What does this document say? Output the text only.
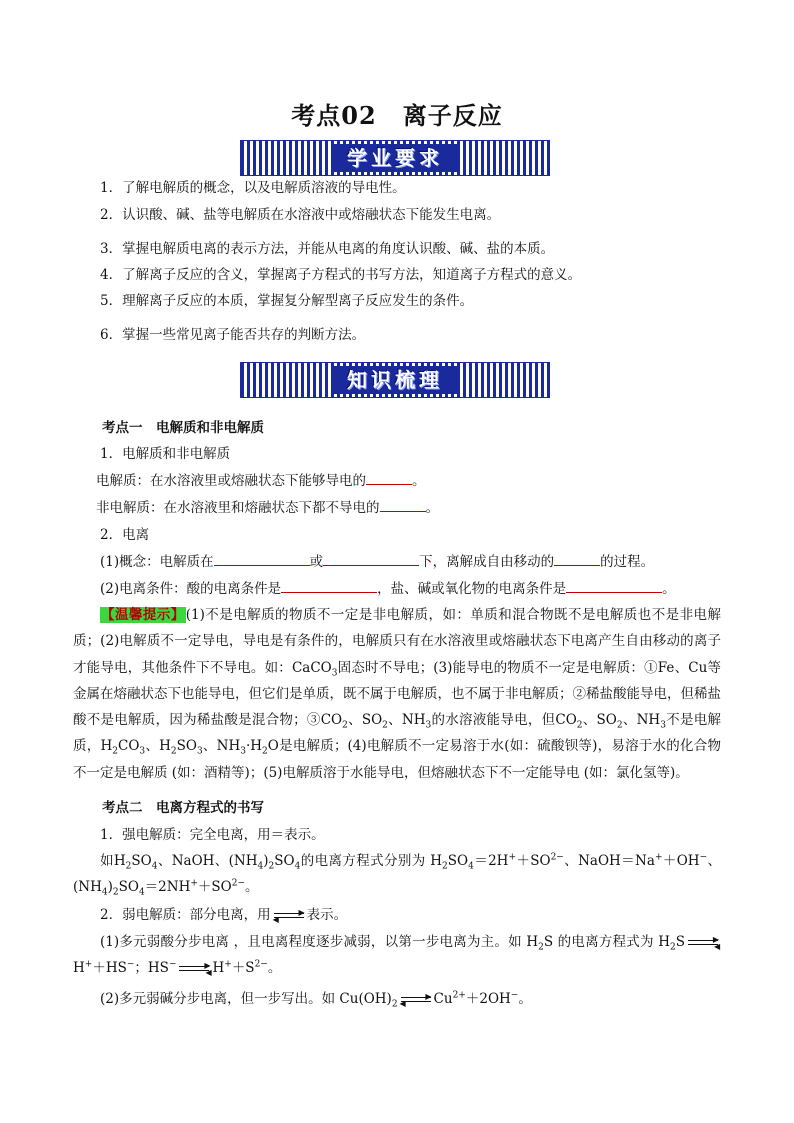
考点02 离子反应
学业要求
1．了解电解质的概念，以及电解质溶液的导电性。
2．认识酸、碱、盐等电解质在水溶液中或熔融状态下能发生电离。
3．掌握电解质电离的表示方法，并能从电离的角度认识酸、碱、盐的本质。
4．了解离子反应的含义，掌握离子方程式的书写方法，知道离子方程式的意义。
5．理解离子反应的本质，掌握复分解型离子反应发生的条件。
6．掌握一些常见离子能否共存的判断方法。
知识梳理
考点一　电解质和非电解质
1．电解质和非电解质
电解质：在水溶液里或熔融状态下能够导电的	。
非电解质：在水溶液里和熔融状态下都不导电的	。
2．电离
(1)概念：电解质在	或	下，离解成自由移动的	的过程。
(2)电离条件：酸的电离条件是	，盐、碱或氧化物的电离条件是	。
【温馨提示】(1)不是电解质的物质不一定是非电解质，如：单质和混合物既不是电解质也不是非电解质；(2)电解质不一定导电，导电是有条件的，电解质只有在水溶液里或熔融状态下电离产生自由移动的离子才能导电，其他条件下不导电。如：CaCO$_3$固态时不导电；(3)能导电的物质不一定是电解质：①Fe、Cu等金属在熔融状态下也能导电，但它们是单质，既不属于电解质，也不属于非电解质；②稀盐酸能导电，但稀盐酸不是电解质，因为稀盐酸是混合物；$③CO_2$、$SO_2$、$NH_3$的水溶液能导电，但$CO_2$、$SO_2$、$NH_3$不是电解质，$H_2CO_3$、$H_2SO_3$、$NH_3\cdot H_2O$是电解质；(4)电解质不一定易溶于水(如：硫酸钡等)，易溶于水的化合物不一定是电解质 (如：酒精等)；(5)电解质溶于水能导电，但熔融状态下不一定能导电 (如：氯化氢等)。
考点二　电离方程式的书写
1．强电解质：完全电离，用＝表示。
如$H_2SO_4$、NaOH、$(NH_4)_2SO_4$的电离方程式分别为 $H_2SO_4=2H^++SO^{2-}$、NaOH＝Na+＋OH−、$(NH_4)_2SO_4=2NH^++SO^{2-}$。
2．弱电解质：部分电离，用	▶
◀ 表示。
(1)多元弱酸分步电离 ，且电离程度逐步减弱，以第一步电离为主。如 $H_2S$ 的电离方程式为 $H_2S$	▶
◀
H+＋HS−；HS−	▶
◀ $H^++S^{2-}$。
(2)多元弱碱分步电离，但一步写出。如 $Cu(OH)_2$
▶
◀ $Cu^{2+}+2OH^-$。
